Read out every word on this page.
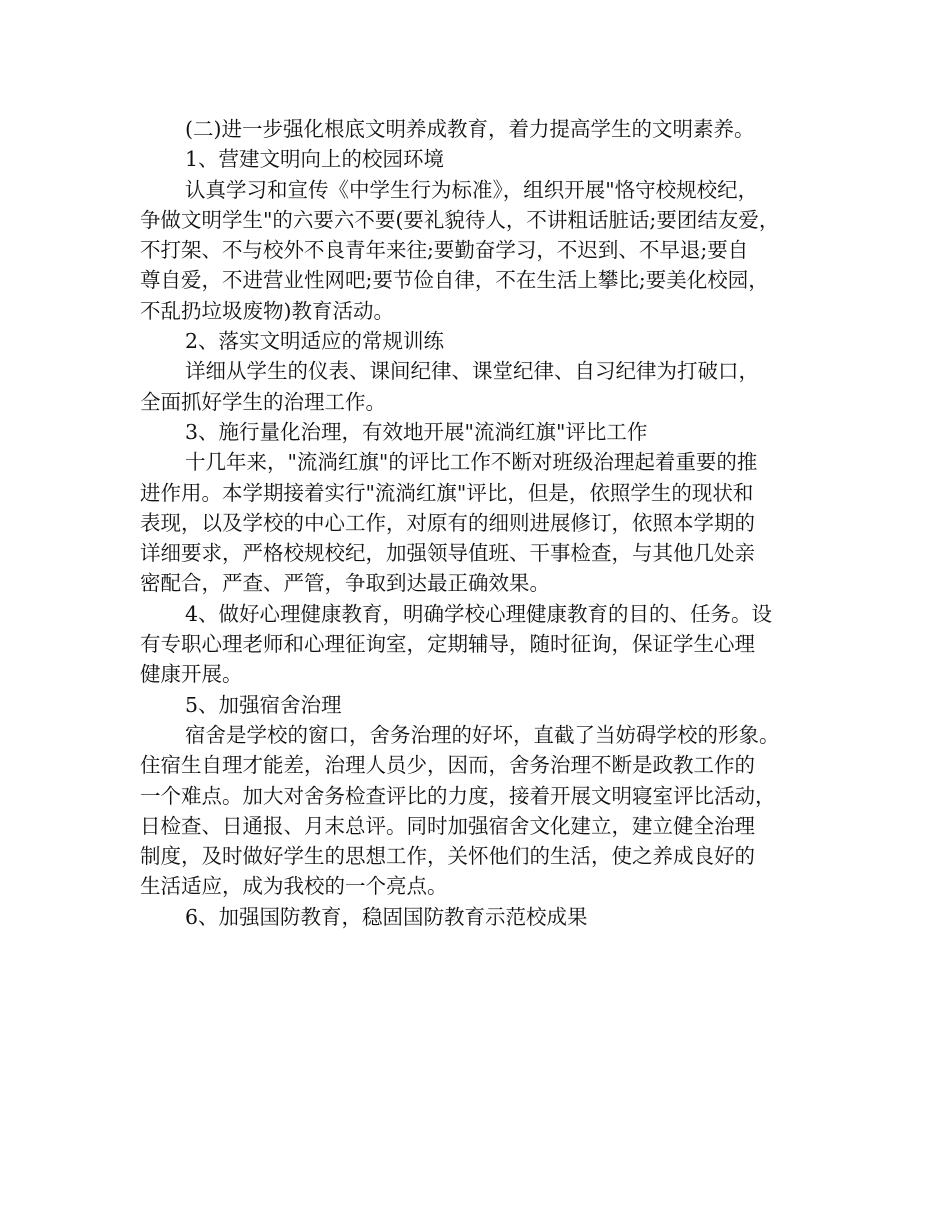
(二)进一步强化根底文明养成教育，着力提高学生的文明素养。
1、营建文明向上的校园环境
认真学习和宣传《中学生行为标准》，组织开展"恪守校规校纪，
争做文明学生"的六要六不要(要礼貌待人，不讲粗话脏话;要团结友爱，
不打架、不与校外不良青年来往;要勤奋学习，不迟到、不早退;要自
尊自爱，不进营业性网吧;要节俭自律，不在生活上攀比;要美化校园，
不乱扔垃圾废物)教育活动。
2、落实文明适应的常规训练
详细从学生的仪表、课间纪律、课堂纪律、自习纪律为打破口，
全面抓好学生的治理工作。
3、施行量化治理，有效地开展"流淌红旗"评比工作
十几年来，"流淌红旗"的评比工作不断对班级治理起着重要的推
进作用。本学期接着实行"流淌红旗"评比，但是，依照学生的现状和
表现，以及学校的中心工作，对原有的细则进展修订，依照本学期的
详细要求，严格校规校纪，加强领导值班、干事检查，与其他几处亲
密配合，严查、严管，争取到达最正确效果。
4、做好心理健康教育，明确学校心理健康教育的目的、任务。设
有专职心理老师和心理征询室，定期辅导，随时征询，保证学生心理
健康开展。
5、加强宿舍治理
宿舍是学校的窗口，舍务治理的好坏，直截了当妨碍学校的形象。
住宿生自理才能差，治理人员少，因而，舍务治理不断是政教工作的
一个难点。加大对舍务检查评比的力度，接着开展文明寝室评比活动，
日检查、日通报、月末总评。同时加强宿舍文化建立，建立健全治理
制度，及时做好学生的思想工作，关怀他们的生活，使之养成良好的
生活适应，成为我校的一个亮点。
6、加强国防教育，稳固国防教育示范校成果
